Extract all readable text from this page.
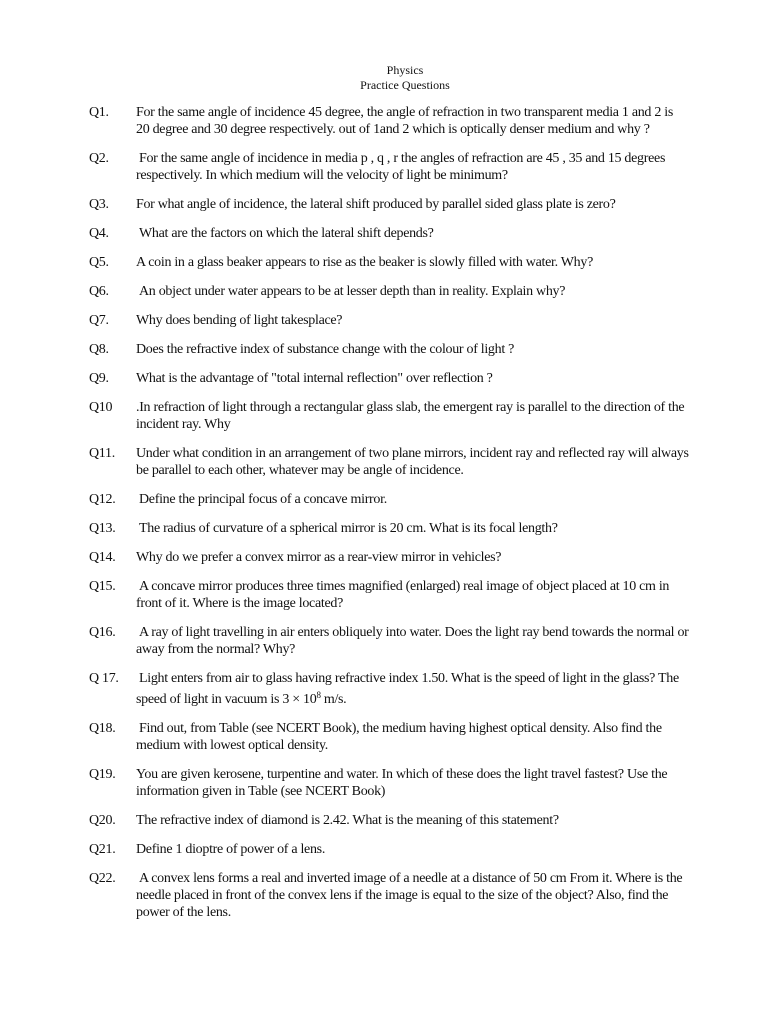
Physics
Practice Questions
Q1.	For the same angle of incidence 45 degree, the angle of refraction in two transparent media 1 and 2 is 20 degree and 30 degree respectively. out of 1and 2 which is optically denser medium and why ?
Q2.	For the same angle of incidence in media p , q , r the angles of refraction are 45 , 35 and 15 degrees respectively. In which medium will the velocity of light be minimum?
Q3.	For what angle of incidence, the lateral shift produced by parallel sided glass plate is zero?
Q4.	What are the factors on which the lateral shift depends?
Q5.	A coin in a glass beaker appears to rise as the beaker is slowly filled with water. Why?
Q6.	An object under water appears to be at lesser depth than in reality. Explain why?
Q7.	Why does bending of light takesplace?
Q8.	Does the refractive index of substance change with the colour of light ?
Q9.	What is the advantage of "total internal reflection" over reflection ?
Q10	.In refraction of light through a rectangular glass slab, the emergent ray is parallel to the direction of the incident ray. Why
Q11.	Under what condition in an arrangement of two plane mirrors, incident ray and reflected ray will always be parallel to each other, whatever may be angle of incidence.
Q12.	Define the principal focus of a concave mirror.
Q13.	The radius of curvature of a spherical mirror is 20 cm. What is its focal length?
Q14.	Why do we prefer a convex mirror as a rear-view mirror in vehicles?
Q15.	A concave mirror produces three times magnified (enlarged) real image of object placed at 10 cm in front of it. Where is the image located?
Q16.	A ray of light travelling in air enters obliquely into water. Does the light ray bend towards the normal or away from the normal? Why?
Q 17.	Light enters from air to glass having refractive index 1.50. What is the speed of light in the glass? The speed of light in vacuum is $3 \times 10^8$ m/s.
Q18.	Find out, from Table (see NCERT Book), the medium having highest optical density. Also find the medium with lowest optical density.
Q19.	You are given kerosene, turpentine and water. In which of these does the light travel fastest? Use the information given in Table (see NCERT Book)
Q20.	The refractive index of diamond is 2.42. What is the meaning of this statement?
Q21.	Define 1 dioptre of power of a lens.
Q22.	A convex lens forms a real and inverted image of a needle at a distance of 50 cm From it. Where is the needle placed in front of the convex lens if the image is equal to the size of the object? Also, find the power of the lens.
